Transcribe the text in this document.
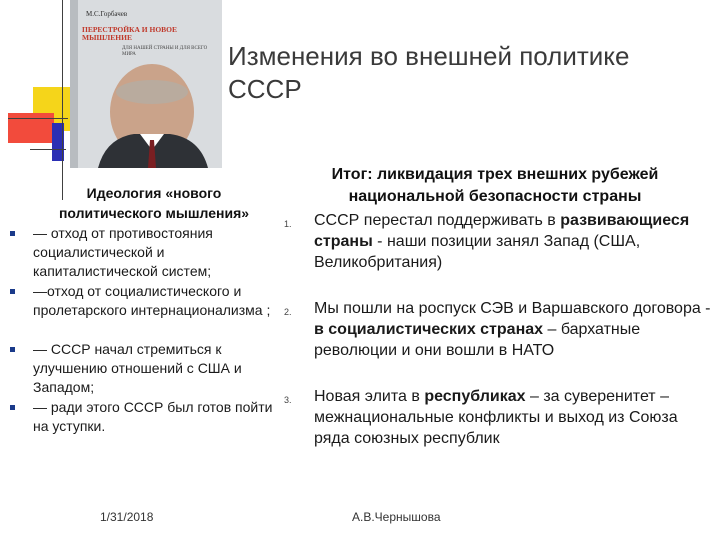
М.С.Горбачев
ПЕРЕСТРОЙКА И НОВОЕ МЫШЛЕНИЕ
ДЛЯ НАШЕЙ СТРАНЫ И ДЛЯ ВСЕГО МИРА	Изменения во внешней политике СССР
Идеология «нового политического мышления»
— отход от противостояния социалистической и капиталистической систем;
—отход от социалистического и пролетарского интернационализма ;
— СССР начал стремиться к улучшению отношений с США и Западом;
— ради этого СССР был готов пойти на уступки.
Итог: ликвидация трех внешних рубежей национальной безопасности страны
1. СССР перестал поддерживать в развивающиеся страны - наши позиции занял Запад (США, Великобритания)
2. Мы пошли на роспуск СЭВ и Варшавского договора - в социалистических странах – бархатные революции и они вошли в НАТО
3. Новая элита в республиках – за суверенитет – межнациональные конфликты и выход из Союза ряда союзных республик
1/31/2018	А.В.Чернышова
